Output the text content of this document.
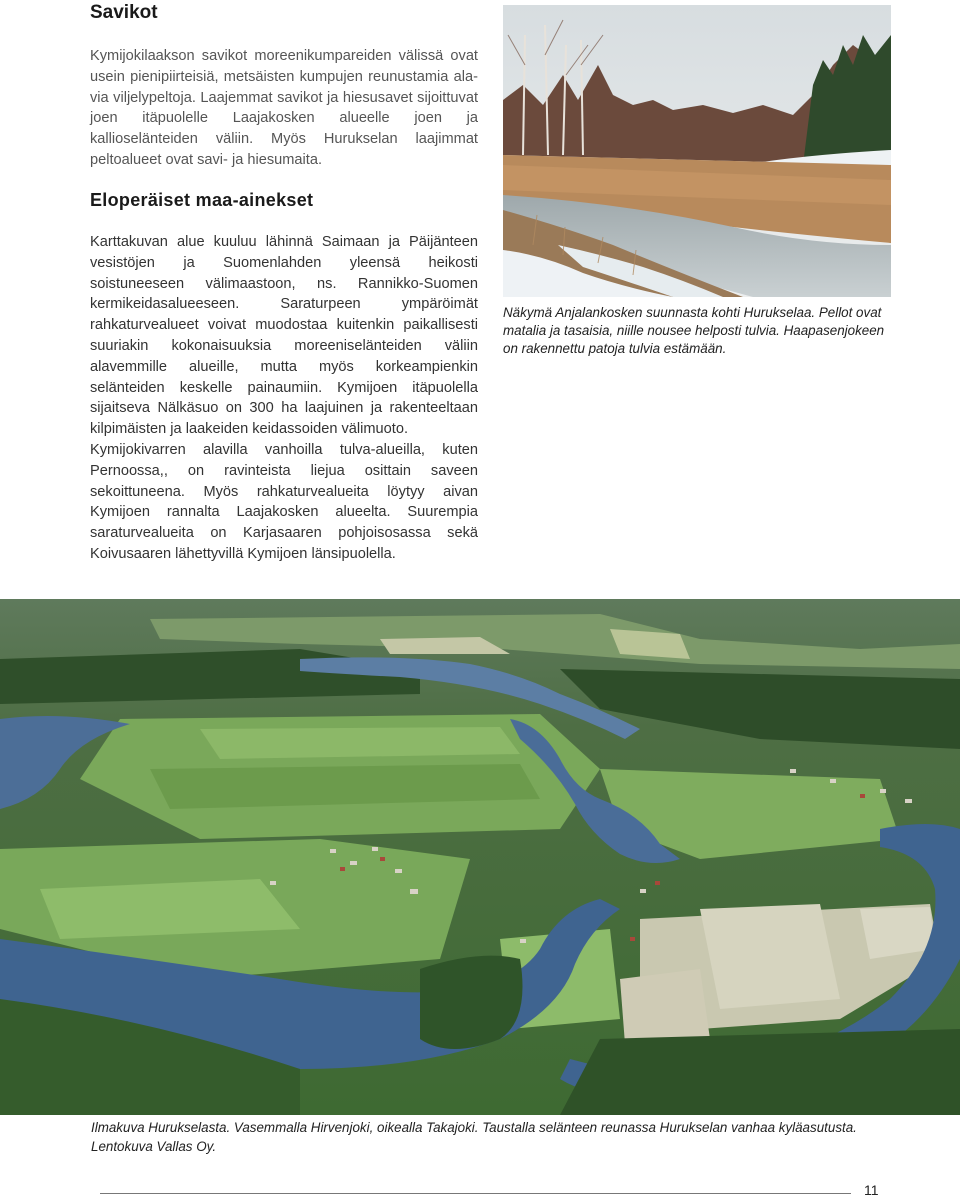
Savikot

Kymijokilaakson savikot moreenikumpareiden välissä ovat usein pienipiirteisiä, metsäisten kumpujen reunustamia ala-via viljelypeltoja. Laajemmat savikot ja hiesusavet sijoittuvat joen itäpuolelle Laajakosken alueelle joen ja kallioselänteiden väliin. Myös Hurukselan laajimmat peltoalueet ovat savi- ja hiesumaita.

Eloperäiset maa-ainekset

Karttakuvan alue kuuluu lähinnä Saimaan ja Päijänteen vesistöjen ja Suomenlahden yleensä heikosti soistuneeseen välimaastoon, ns. Rannikko-Suomen kermikeidasalueeseen. Saraturpeen ympäröimät rahkaturvealueet voivat muodostaa kuitenkin paikallisesti suuriakin kokonaisuuksia moreeniselänteiden väliin alavemmille alueille, mutta myös korkeampienkin selänteiden keskelle painaumiin. Kymijoen itäpuolella sijaitseva Nälkäsuo on 300 ha laajuinen ja rakenteeltaan kilpimäisten ja laakeiden keidassoiden välimuoto.

Kymijokivarren alavilla vanhoilla tulva-alueilla, kuten Pernoossa,, on ravinteista liejua osittain saveen sekoittuneena. Myös rahkaturvealueita löytyy aivan Kymijoen rannalta Laajakosken alueelta. Suurempia saraturvealueita on Karjasaaren pohjoisosassa sekä Koivusaaren lähettyvillä Kymijoen länsipuolella.

Näkymä Anjalankosken suunnasta kohti Hurukselaa. Pellot ovat matalia ja tasaisia, niille nousee helposti tulvia. Haapasenjokeen on rakennettu patoja tulvia estämään.

Ilmakuva Hurukselasta. Vasemmalla Hirvenjoki, oikealla Takajoki. Taustalla selänteen reunassa Hurukselan vanhaa kyläasutusta. Lentokuva Vallas Oy.

11
